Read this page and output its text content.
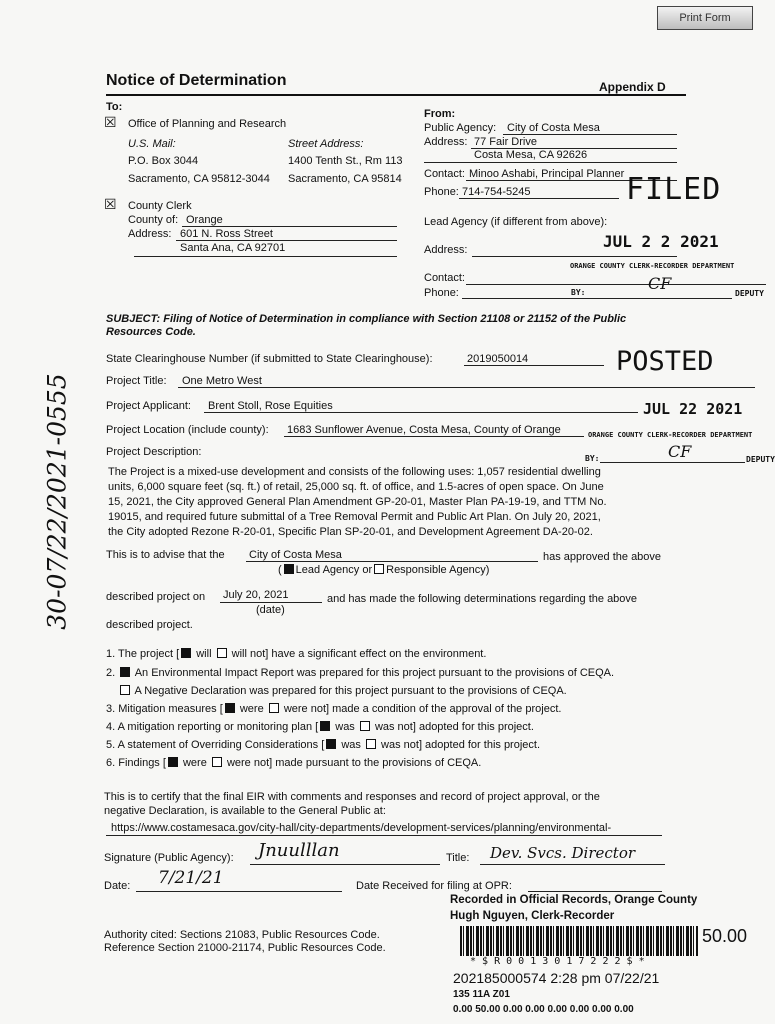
Print Form
Notice of Determination	Appendix D
To:
☒ Office of Planning and Research
U.S. Mail:	Street Address:
P.O. Box 3044	1400 Tenth St., Rm 113
Sacramento, CA 95812-3044 Sacramento, CA 95814
☒ County Clerk
County of: Orange
Address: 601 N. Ross Street
Santa Ana, CA 92701
From:
Public Agency: City of Costa Mesa
Address: 77 Fair Drive
Costa Mesa, CA 92626
Contact: Minoo Ashabi, Principal Planner
Phone: 714-754-5245	FILED
Lead Agency (if different from above):
JUL 2 2 2021
Address:
ORANGE COUNTY CLERK-RECORDER DEPARTMENT
Contact:	CF
Phone:	BY:	DEPUTY
SUBJECT: Filing of Notice of Determination in compliance with Section 21108 or 21152 of the Public
Resources Code.
State Clearinghouse Number (if submitted to State Clearinghouse):	2019050014	POSTED
Project Title: One Metro West
Project Applicant: Brent Stoll, Rose Equities	JUL 22 2021
Project Location (include county): 1683 Sunflower Avenue, Costa Mesa, County of Orange	ORANGE COUNTY CLERK-RECORDER DEPARTMENT
Project Description:
BY:	CF	DEPUTY
The Project is a mixed-use development and consists of the following uses: 1,057 residential dwelling
units, 6,000 square feet (sq. ft.) of retail, 25,000 sq. ft. of office, and 1.5-acres of open space. On June
15, 2021, the City approved General Plan Amendment GP-20-01, Master Plan PA-19-19, and TTM No.
19015, and required future submittal of a Tree Removal Permit and Public Art Plan. On July 20, 2021,
the City adopted Rezone R-20-01, Specific Plan SP-20-01, and Development Agreement DA-20-02.
This is to advise that the City of Costa Mesa	has approved the above
( Lead Agency or Responsible Agency)
described project on July 20, 2021
(date)
and has made the following determinations regarding the above
described project.
1. The project [ will will not] have a significant effect on the environment.
2. An Environmental Impact Report was prepared for this project pursuant to the provisions of CEQA.
A Negative Declaration was prepared for this project pursuant to the provisions of CEQA.
3. Mitigation measures [ were were not] made a condition of the approval of the project.
4. A mitigation reporting or monitoring plan [ was was not] adopted for this project.
5. A statement of Overriding Considerations [ was was not] adopted for this project.
6. Findings [ were were not] made pursuant to the provisions of CEQA.
This is to certify that the final EIR with comments and responses and record of project approval, or the
negative Declaration, is available to the General Public at:
https://www.costamesaca.gov/city-hall/city-departments/development-services/planning/environmental-
Signature (Public Agency): Jnuulllan	Title: Dev. Svcs. Director
Date: 7/21/21	Date Received for filing at OPR:
Authority cited: Sections 21083, Public Resources Code.
Reference Section 21000-21174, Public Resources Code.
Recorded in Official Records, Orange County
Hugh Nguyen, Clerk-Recorder
50.00
* $ R 0 0 1 3 0 1 7 2 2 2 $ *
202185000574 2:28 pm 07/22/21
135 11A Z01
0.00 50.00 0.00 0.00 0.00 0.00 0.00 0.00
30-07/22/2021-0555
